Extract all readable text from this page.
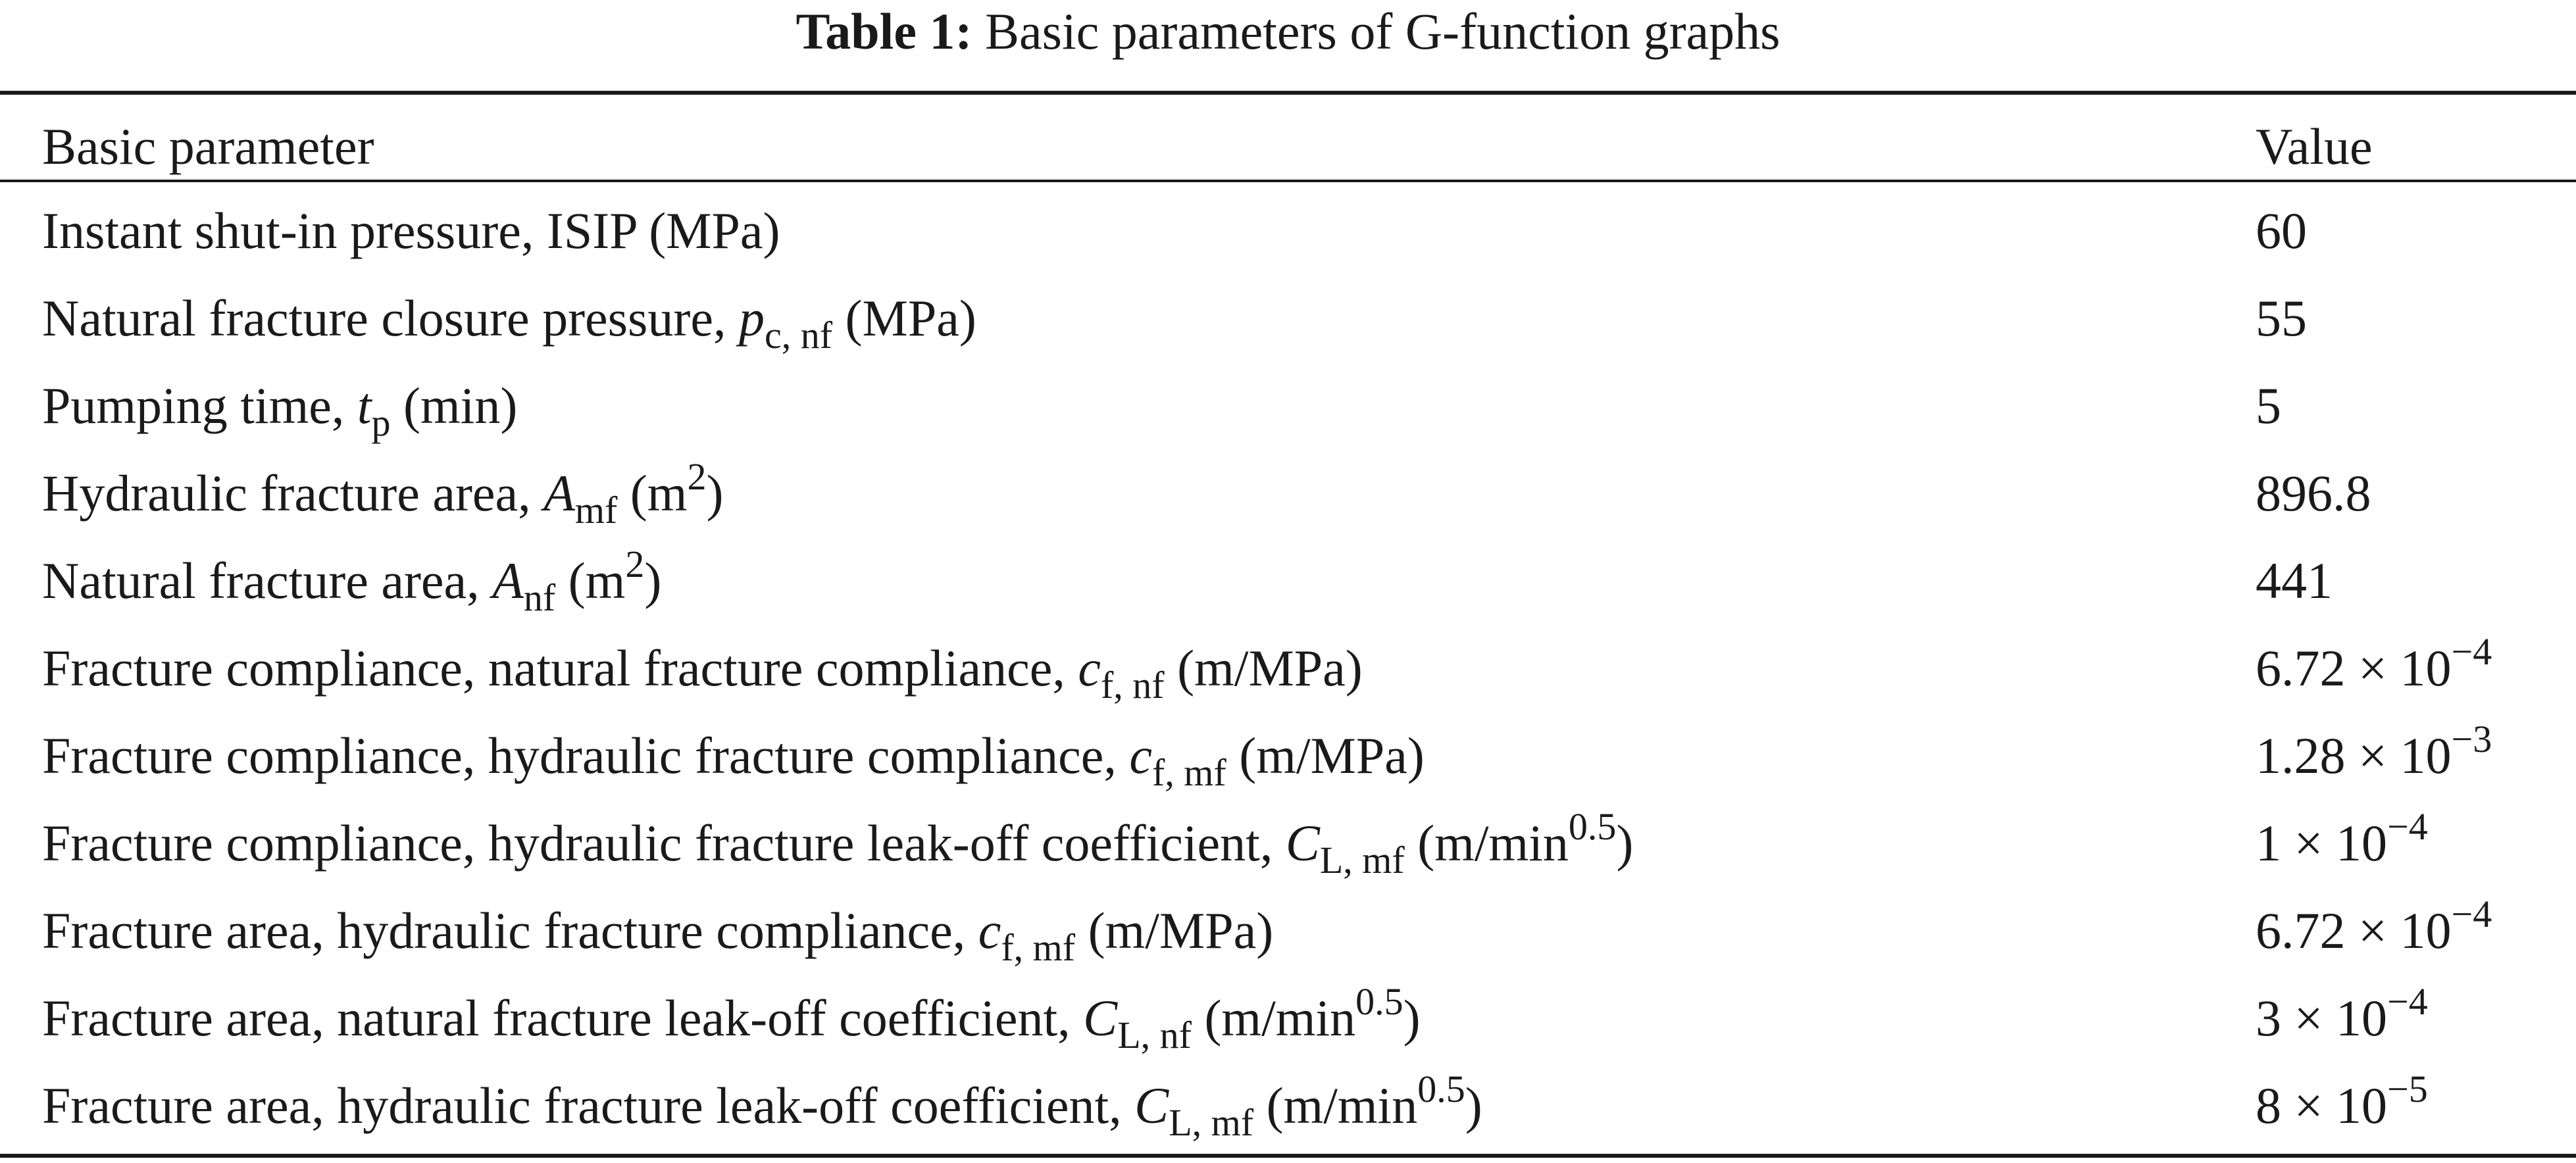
Table 1: Basic parameters of G-function graphs
Basic parameter	Value
Instant shut-in pressure, ISIP (MPa)	60
Natural fracture closure pressure, $p_{c, nf}$ (MPa)	55
Pumping time, $t_p$ (min)	5
Hydraulic fracture area, $A_{mf}$ $(m^2)$	896.8
Natural fracture area, $A_{nf}$ $(m^2)$	441
Fracture compliance, natural fracture compliance, $c_{f, nf}$ (m/MPa)	$6.72 \times 10^{-4}$
Fracture compliance, hydraulic fracture compliance, $c_{f, mf}$ (m/MPa)	$1.28 \times 10^{-3}$
Fracture compliance, hydraulic fracture leak-off coefficient, $C_{L, mf}$ $(m/\min^{0.5})$	$1 \times 10^{-4}$
Fracture area, hydraulic fracture compliance, $c_{f, mf}$ (m/MPa)	$6.72 \times 10^{-4}$
Fracture area, natural fracture leak-off coefficient, $C_{L, nf}$ $(m/\min^{0.5})$	$3 \times 10^{-4}$
Fracture area, hydraulic fracture leak-off coefficient, $C_{L, mf}$ $(m/\min^{0.5})$	$8 \times 10^{-5}$
